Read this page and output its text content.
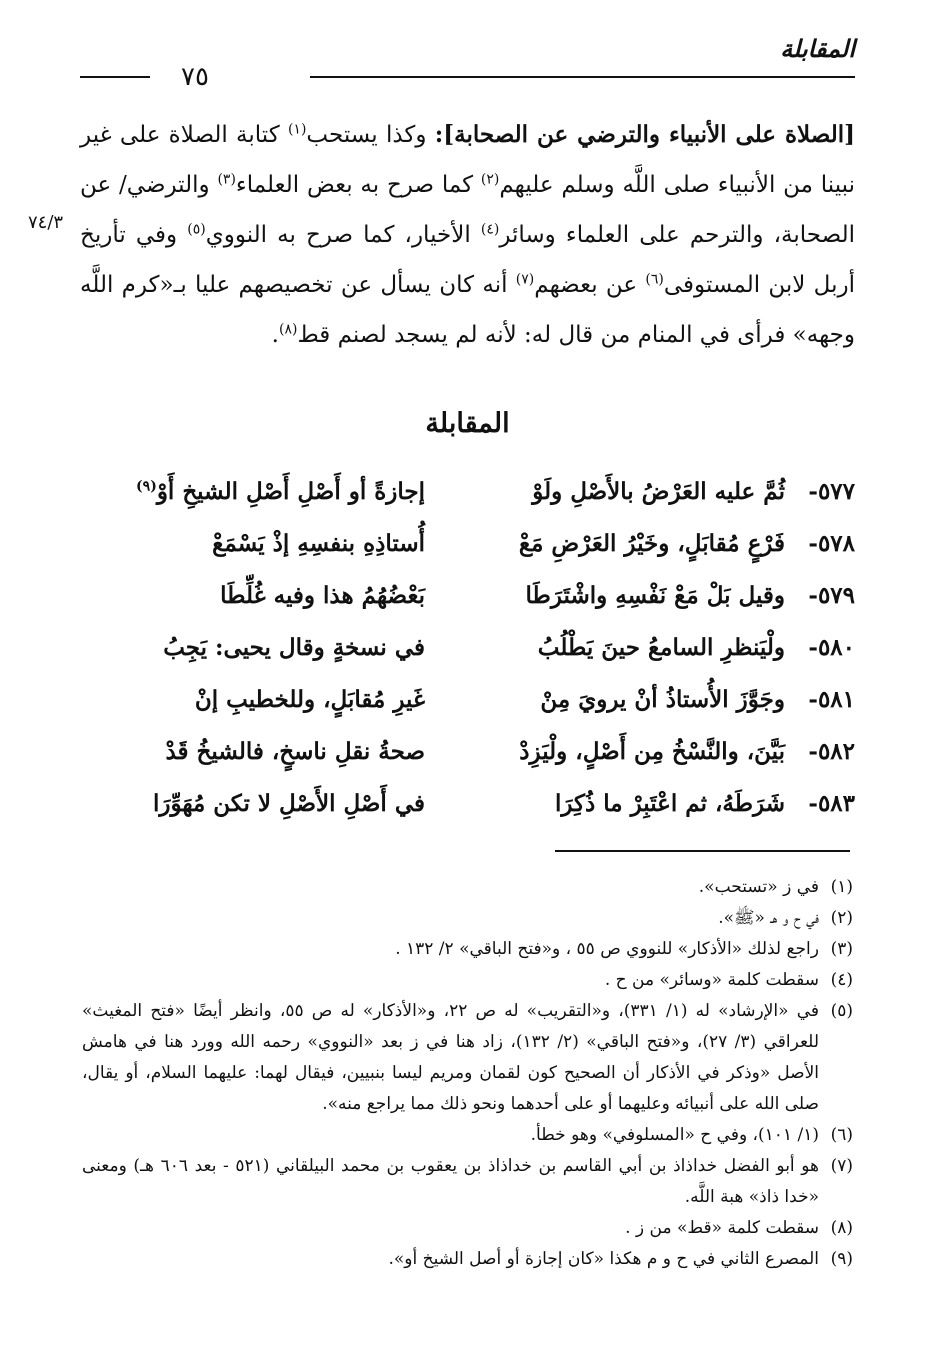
المقابلة
٧٥

[الصلاة على الأنبياء والترضي عن الصحابة]: وكذا يستحب$^{(١)}$ كتابة الصلاة على غير نبينا من الأنبياء صلى اللَّه وسلم عليهم$^{(٢)}$ كما صرح به بعض العلماء$^{(٣)}$ والترضي/ عن الصحابة، والترحم على العلماء وسائر$^{(٤)}$ الأخيار، كما صرح به النووي$^{(٥)}$ وفي تأريخ أربل لابن المستوفى$^{(٦)}$ عن بعضهم$^{(٧)}$ أنه كان يسأل عن تخصيصهم عليا بـ«كرم اللَّه وجهه» فرأى في المنام من قال له: لأنه لم يسجد لصنم قط$^{(٨)}$.

٧٤/٣
المقابلة
٥٧٧-
ثُمَّ عليه العَرْضُ بالأَصْلِ ولَوْ
إجازةً أو أَصْلِ أَصْلِ الشيخِ أَوْ$^{(٩)}$
٥٧٨-
فَرْعٍ مُقابَلٍ، وخَيْرُ العَرْضِ مَعْ
أُستاذِهِ بنفسِهِ إذْ يَسْمَعْ
٥٧٩-
وقيل بَلْ مَعْ نَفْسِهِ واشْتَرَطَا
بَعْضُهُمُ هذا وفيه غُلِّطَا
٥٨٠-
ولْيَنظرِ السامعُ حينَ يَطْلُبُ
في نسخةٍ وقال يحيى: يَجِبُ
٥٨١-
وجَوَّزَ الأُستاذُ أنْ يرويَ مِنْ
غَيرِ مُقابَلٍ، وللخطيبِ إنْ
٥٨٢-
بَيَّنَ، والنَّسْخُ مِن أَصْلٍ، ولْيَزِدْ
صحةُ نقلِ ناسخٍ، فالشيخُ قَدْ
٥٨٣-
شَرَطَهُ، ثم اعْتَبِرْ ما ذُكِرَا
في أَصْلِ الأَصْلِ لا تكن مُهَوِّرَا
(١)
في ز «تستحب».
(٢)
في ح و هـ «ﷺ».
(٣)
راجع لذلك «الأذكار» للنووي ص ٥٥ ، و«فتح الباقي» ٢/ ١٣٢ .
(٤)
سقطت كلمة «وسائر» من ح .
(٥)
في «الإرشاد» له (١/ ٣٣١)، و«التقريب» له ص ٢٢، و«الأذكار» له ص ٥٥، وانظر أيضًا «فتح المغيث» للعراقي (٣/ ٢٧)، و«فتح الباقي» (٢/ ١٣٢)، زاد هنا في ز بعد «النووي» رحمه الله وورد هنا في هامش الأصل «وذكر في الأذكار أن الصحيح كون لقمان ومريم ليسا بنبيين، فيقال لهما: عليهما السلام، أو يقال، صلى الله على أنبيائه وعليهما أو على أحدهما ونحو ذلك مما يراجع منه».
(٦)
(١/ ١٠١)، وفي ح «المسلوفي» وهو خطأ.
(٧)
هو أبو الفضل خداذاذ بن أبي القاسم بن خداذاذ بن يعقوب بن محمد البيلقاني (٥٢١ - بعد ٦٠٦ هـ) ومعنى «خدا ذاذ» هبة اللَّه.
(٨)
سقطت كلمة «قط» من ز .
(٩)
المصرع الثاني في ح و م هكذا «كان إجازة أو أصل الشيخ أو».
